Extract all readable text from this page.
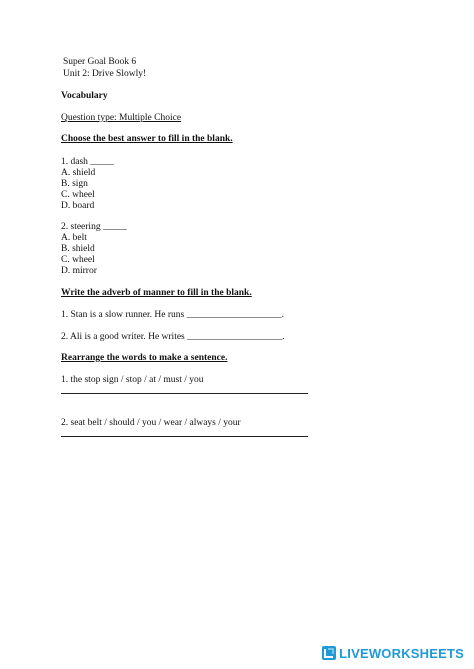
Super Goal Book 6
Unit 2: Drive Slowly!
Vocabulary
Question type: Multiple Choice
Choose the best answer to fill in the blank.
1. dash _____
A. shield
B. sign
C. wheel
D. board
2. steering _____
A. belt
B. shield
C. wheel
D. mirror
Write the adverb of manner to fill in the blank.
1. Stan is a slow runner. He runs ____________________.
2. Ali is a good writer. He writes ____________________.
Rearrange the words to make a sentence.
1. the stop sign / stop / at / must / you
2. seat belt / should / you / wear / always / your
LIVEWORKSHEETS
